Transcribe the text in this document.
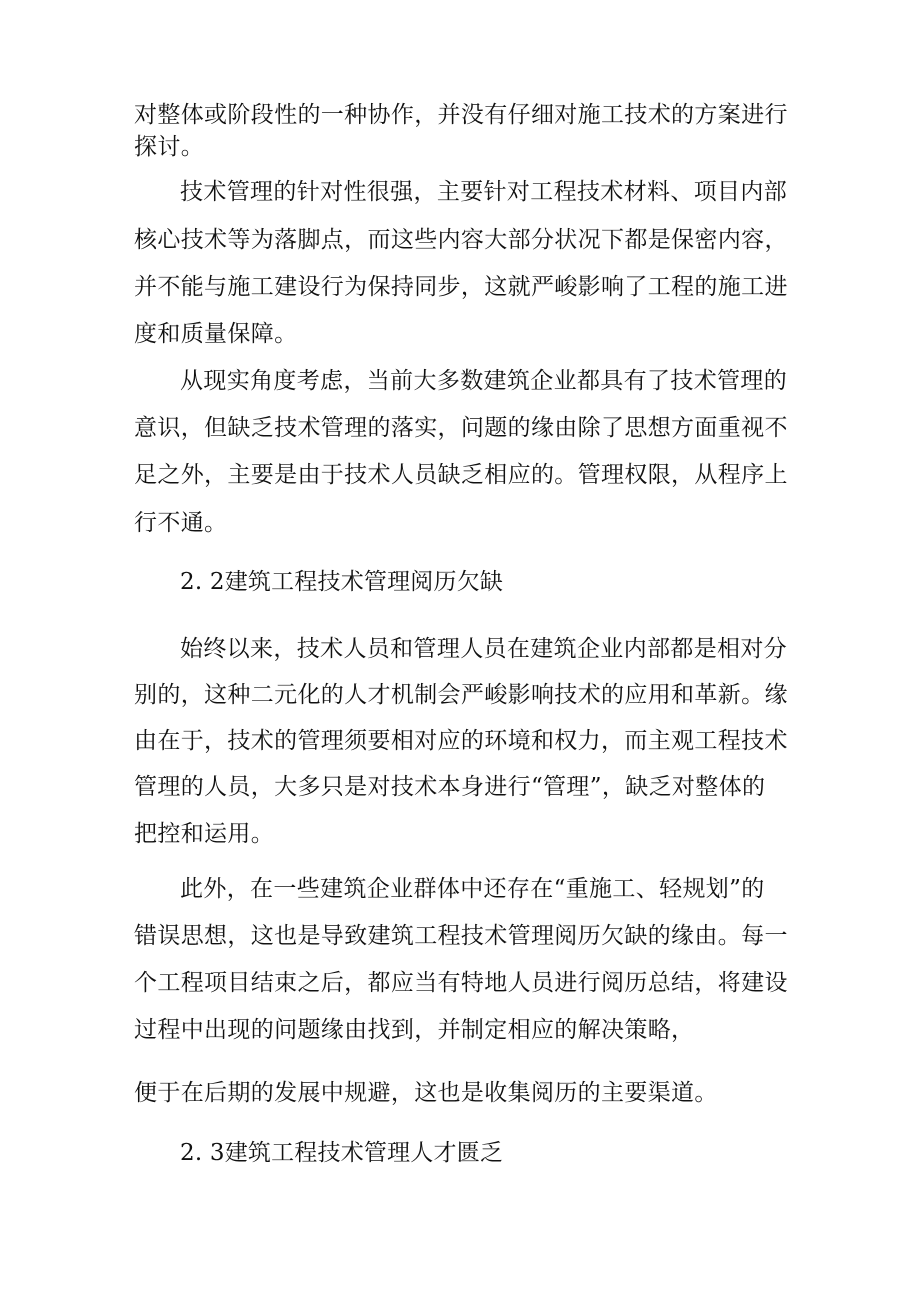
对整体或阶段性的一种协作，并没有仔细对施工技术的方案进行
探讨。
技术管理的针对性很强，主要针对工程技术材料、项目内部
核心技术等为落脚点，而这些内容大部分状况下都是保密内容，
并不能与施工建设行为保持同步，这就严峻影响了工程的施工进
度和质量保障。
从现实角度考虑，当前大多数建筑企业都具有了技术管理的
意识，但缺乏技术管理的落实，问题的缘由除了思想方面重视不
足之外，主要是由于技术人员缺乏相应的。管理权限，从程序上
行不通。
2. 2建筑工程技术管理阅历欠缺
始终以来，技术人员和管理人员在建筑企业内部都是相对分
别的，这种二元化的人才机制会严峻影响技术的应用和革新。缘
由在于，技术的管理须要相对应的环境和权力，而主观工程技术
管理的人员，大多只是对技术本身进行“管理”，缺乏对整体的
把控和运用。
此外，在一些建筑企业群体中还存在“重施工、轻规划”的
错误思想，这也是导致建筑工程技术管理阅历欠缺的缘由。每一
个工程项目结束之后，都应当有特地人员进行阅历总结，将建设
过程中出现的问题缘由找到，并制定相应的解决策略，
便于在后期的发展中规避，这也是收集阅历的主要渠道。
2. 3建筑工程技术管理人才匮乏
